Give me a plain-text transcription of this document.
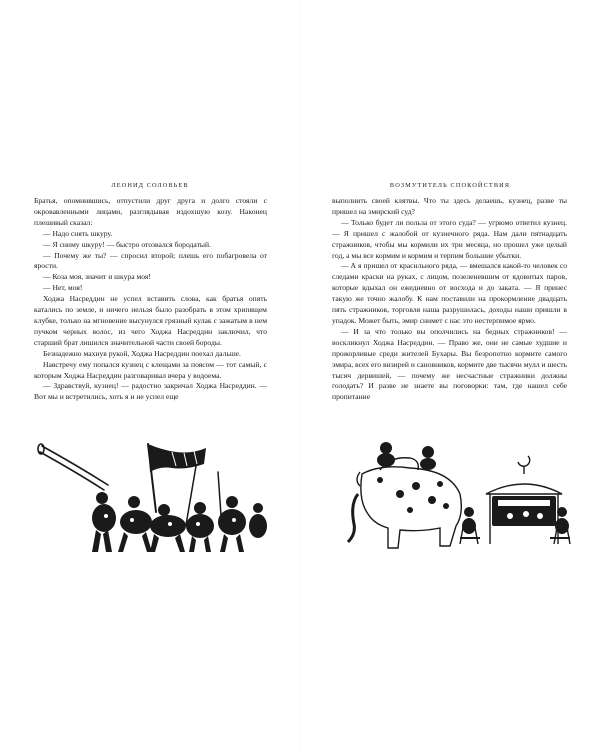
ЛЕОНИД СОЛОВЬЕВ

Братья, опомнившись, отпустили друг друга и долго стояли с окровавленными лицами, разглядывая издохшую козу. Наконец плешивый сказал:

— Надо снять шкуру.

— Я сниму шкуру! — быстро отозвался бородатый.

— Почему же ты? — спросил второй; плешь его побагровела от ярости.

— Коза моя, значит и шкура моя!

— Нет, моя!

Ходжа Насреддин не успел вставить слова, как братья опять катались по земле, и ничего нельзя было разобрать в этом хрипящем клубке, только на мгновение высунулся грязный кулак с зажатым в нем пучком черных волос, из чего Ходжа Насреддин заключил, что старший брат лишился значительной части своей бороды.

Безнадежно махнув рукой, Ходжа Насреддин поехал дальше.

Навстречу ему попался кузнец с клещами за поясом — тот самый, с которым Ходжа Насреддин разговаривал вчера у водоема.

— Здравствуй, кузнец! — радостно закричал Ходжа Насреддин. — Вот мы и встретились, хоть я и не успел еще

ВОЗМУТИТЕЛЬ СПОКОЙСТВИЯ

выполнить своей клятвы. Что ты здесь делаешь, кузнец, разве ты пришел на эмирский суд?

— Только будет ли польза от этого суда? — угрюмо ответил кузнец. — Я пришел с жалобой от кузнечного ряда. Нам дали пятнадцать стражников, чтобы мы кормили их три месяца, но прошел уже целый год, а мы все кормим и кормим и терпим большие убытки.

— А я пришел от красильного ряда, — вмешался какой-то человек со следами краски на руках, с лицом, позеленевшим от ядовитых паров, которые вдыхал он ежедневно от восхода и до заката. — Я принес такую же точно жалобу. К нам поставили на прокормление двадцать пять стражников, торговля наша разрушилась, доходы наши пришли в упадок. Может быть, эмир снимет с нас это нестерпимое ярмо.

— И за что только вы ополчились на бедных стражников! — воскликнул Ходжа Насреддин. — Право же, они не самые худшие и прожорливые среди жителей Бухары. Вы безропотно кормите самого эмира, всех его визирей и сановников, кормите две тысячи мулл и шесть тысяч дервишей, — почему же несчастные стражники должны голодать? И разве не знаете вы поговорки: там, где нашел себе пропитание
